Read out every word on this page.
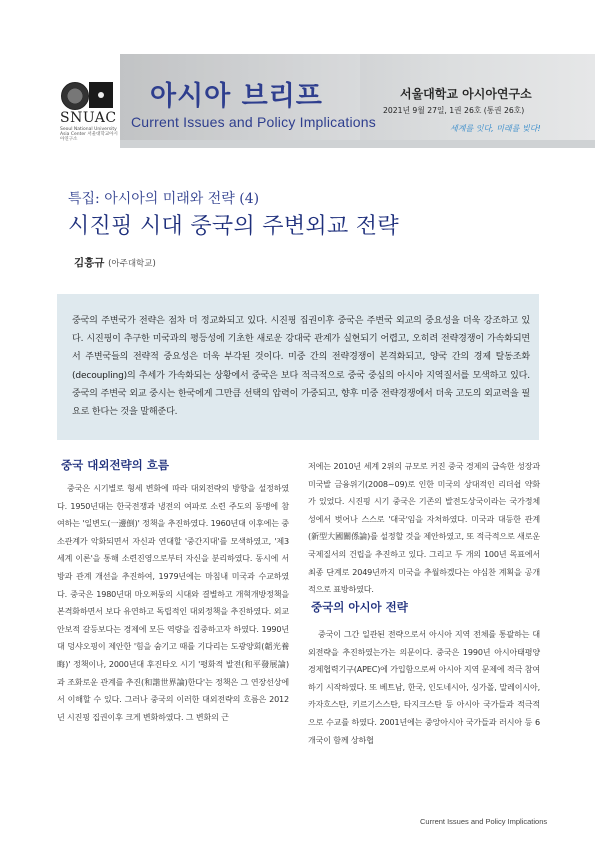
SNUAC
Seoul National University Asia Center 서울대학교아시아연구소
아시아 브리프
Current Issues and Policy Implications
서울대학교 아시아연구소
2021년 9월 27일, 1권 26호 (통권 26호)
세계를 잇다, 미래를 빚다!
특집: 아시아의 미래와 전략 (4)
시진핑 시대 중국의 주변외교 전략
김흥규 (아주대학교)

중국의 주변국가 전략은 점차 더 정교화되고 있다. 시진핑 집권이후 중국은 주변국 외교의 중요성을 더욱 강조하고 있다. 시진핑이 추구한 미국과의 평등성에 기초한 새로운 강대국 관계가 실현되기 어렵고, 오히려 전략경쟁이 가속화되면서 주변국들의 전략적 중요성은 더욱 부각된 것이다. 미중 간의 전략경쟁이 본격화되고, 양국 간의 경제 탈동조화(decoupling)의 추세가 가속화되는 상황에서 중국은 보다 적극적으로 중국 중심의 아시아 지역질서를 모색하고 있다. 중국의 주변국 외교 중시는 한국에게 그만큼 선택의 압력이 가중되고, 향후 미중 전략경쟁에서 더욱 고도의 외교력을 필요로 한다는 것을 말해준다.

중국 대외전략의 흐름

중국은 시기별로 형세 변화에 따라 대외전략의 방향을 설정하였다. 1950년대는 한국전쟁과 냉전의 여파로 소련 주도의 동맹에 참여하는 '일변도(一邊倒)' 정책을 추진하였다. 1960년대 이후에는 중소관계가 악화되면서 자신과 연대할 '중간지대'를 모색하였고, '제3세계 이론'을 통해 소련진영으로부터 자신을 분리하였다. 동시에 서방과 관계 개선을 추진하여, 1979년에는 마침내 미국과 수교하였다. 중국은 1980년대 마오쩌둥의 시대와 결별하고 개혁개방정책을 본격화하면서 보다 유연하고 독립적인 대외정책을 추진하였다. 외교안보적 갈등보다는 경제에 모든 역량을 집중하고자 하였다. 1990년대 덩샤오핑이 제안한 '힘을 숨기고 때를 기다리는 도광양회(韜光養晦)' 정책이나, 2000년대 후진타오 시기 '평화적 발전(和平發展論)과 조화로운 관계를 추진(和諧世界論)한다'는 정책은 그 연장선상에서 이해할 수 있다. 그러나 중국의 이러한 대외전략의 흐름은 2012년 시진핑 집권이후 크게 변화하였다. 그 변화의 근

저에는 2010년 세계 2위의 규모로 커진 중국 경제의 급속한 성장과 미국발 금융위기(2008~09)로 인한 미국의 상대적인 리더쉽 약화가 있었다. 시진핑 시기 중국은 기존의 발전도상국이라는 국가정체성에서 벗어나 스스로 '대국'임을 자처하였다. 미국과 대등한 관계(新型大國關係論)를 설정할 것을 제안하였고, 또 적극적으로 새로운 국제질서의 건립을 추진하고 있다. 그리고 두 개의 100년 목표에서 최종 단계로 2049년까지 미국을 추월하겠다는 야심찬 계획을 공개적으로 표방하였다.

중국의 아시아 전략

중국이 그간 일관된 전략으로서 아시아 지역 전체를 통괄하는 대외전략을 추진하였는가는 의문이다. 중국은 1990년 아시아태평양 경제협력기구(APEC)에 가입함으로써 아시아 지역 문제에 적극 참여하기 시작하였다. 또 베트남, 한국, 인도네시아, 싱가폴, 말레이시아, 카자흐스탄, 키르기스스탄, 타지크스탄 등 아시아 국가들과 적극적으로 수교를 하였다. 2001년에는 중앙아시아 국가들과 러시아 등 6개국이 함께 상하협

Current Issues and Policy Implications
